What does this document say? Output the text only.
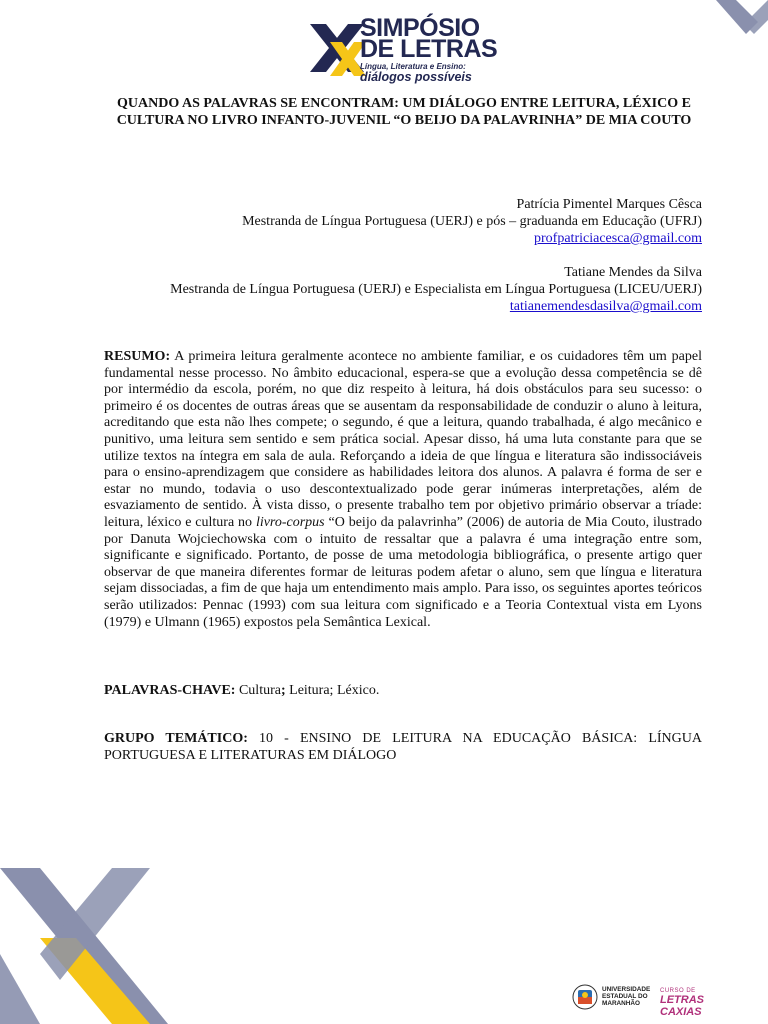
SIMPÓSIO
DE LETRAS
Língua, Literatura e Ensino:
diálogos possíveis
QUANDO AS PALAVRAS SE ENCONTRAM: UM DIÁLOGO ENTRE LEITURA, LÉXICO E CULTURA NO LIVRO INFANTO-JUVENIL “O BEIJO DA PALAVRINHA” DE MIA COUTO
Patrícia Pimentel Marques Cêsca
Mestranda de Língua Portuguesa (UERJ) e pós – graduanda em Educação (UFRJ)
profpatriciacesca@gmail.com
Tatiane Mendes da Silva
Mestranda de Língua Portuguesa (UERJ) e Especialista em Língua Portuguesa (LICEU/UERJ)
tatianemendesdasilva@gmail.com

RESUMO: A primeira leitura geralmente acontece no ambiente familiar, e os cuidadores têm um papel fundamental nesse processo. No âmbito educacional, espera-se que a evolução dessa competência se dê por intermédio da escola, porém, no que diz respeito à leitura, há dois obstáculos para seu sucesso: o primeiro é os docentes de outras áreas que se ausentam da responsabilidade de conduzir o aluno à leitura, acreditando que esta não lhes compete; o segundo, é que a leitura, quando trabalhada, é algo mecânico e punitivo, uma leitura sem sentido e sem prática social. Apesar disso, há uma luta constante para que se utilize textos na íntegra em sala de aula. Reforçando a ideia de que língua e literatura são indissociáveis para o ensino-aprendizagem que considere as habilidades leitora dos alunos. A palavra é forma de ser e estar no mundo, todavia o uso descontextualizado pode gerar inúmeras interpretações, além de esvaziamento de sentido. À vista disso, o presente trabalho tem por objetivo primário observar a tríade: leitura, léxico e cultura no livro-corpus “O beijo da palavrinha” (2006) de autoria de Mia Couto, ilustrado por Danuta Wojciechowska com o intuito de ressaltar que a palavra é uma integração entre som, significante e significado. Portanto, de posse de uma metodologia bibliográfica, o presente artigo quer observar de que maneira diferentes formar de leituras podem afetar o aluno, sem que língua e literatura sejam dissociadas, a fim de que haja um entendimento mais amplo. Para isso, os seguintes aportes teóricos serão utilizados: Pennac (1993) com sua leitura com significado e a Teoria Contextual vista em Lyons (1979) e Ulmann (1965) expostos pela Semântica Lexical.

PALAVRAS-CHAVE: Cultura; Leitura; Léxico.

GRUPO TEMÁTICO: 10 - ENSINO DE LEITURA NA EDUCAÇÃO BÁSICA: LÍNGUA PORTUGUESA E LITERATURAS EM DIÁLOGO

UNIVERSIDADE
ESTADUAL DO
MARANHÃO
CURSO DE
LETRAS CAXIAS
